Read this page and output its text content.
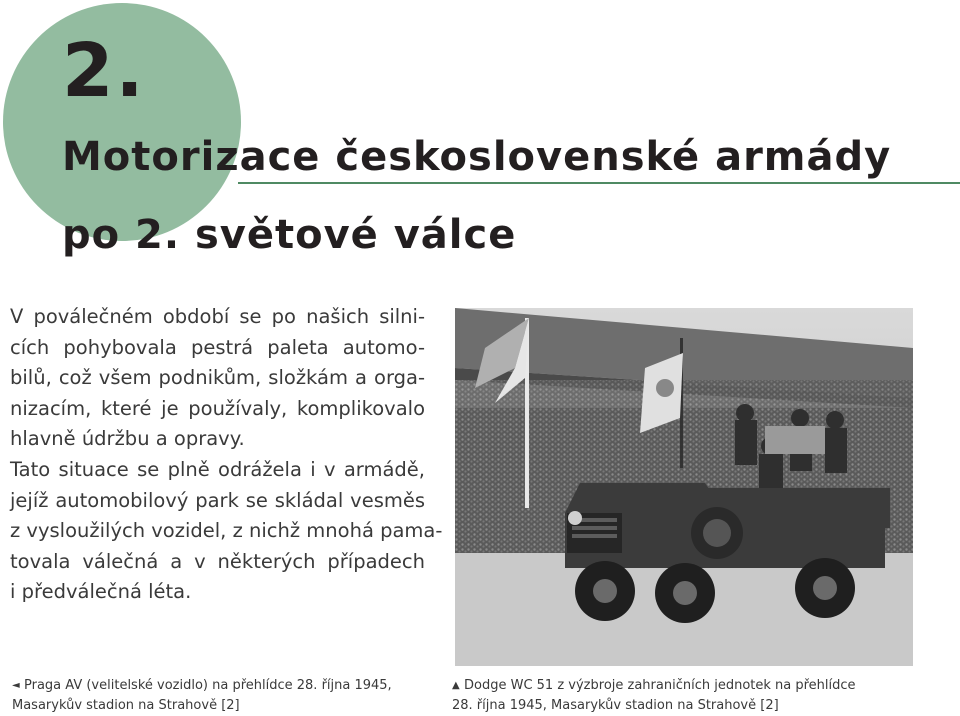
2.
Motorizace československé armády
po 2. světové válce

V poválečném období se po našich silni-
cích pohybovala pestrá paleta automo-
bilů, což všem podnikům, složkám a orga-
nizacím, které je používaly, komplikovalo
hlavně údržbu a opravy.
Tato situace se plně odrážela i v armádě,
jejíž automobilový park se skládal vesměs
z vysloužilých vozidel, z nichž mnohá pama-
tovala válečná a v některých případech
i předválečná léta.

◄ Praga AV (velitelské vozidlo) na přehlídce 28. října 1945,
Masarykův stadion na Strahově [2]

▲ Dodge WC 51 z výzbroje zahraničních jednotek na přehlídce
28. října 1945, Masarykův stadion na Strahově [2]
